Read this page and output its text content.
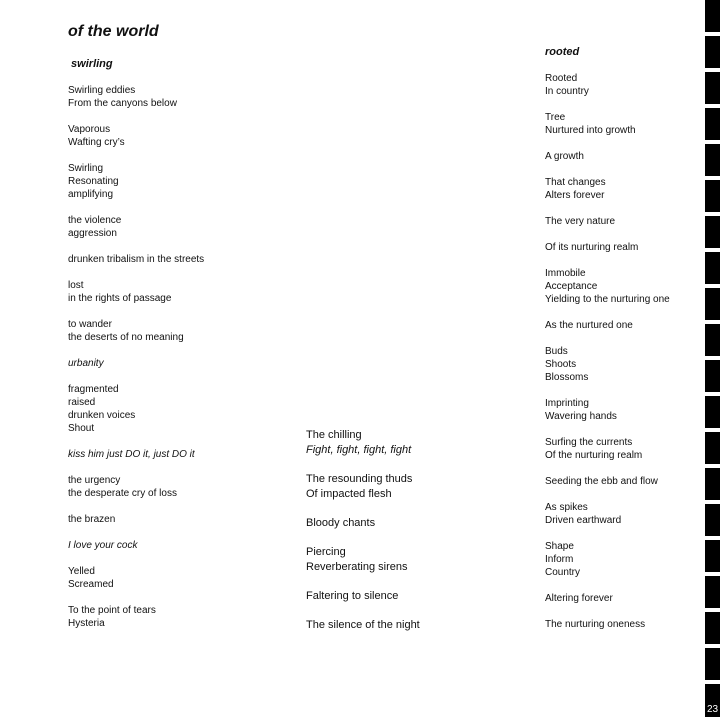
of the world
swirling
Swirling eddies
From the canyons below
Vaporous
Wafting cry’s
Swirling
Resonating
amplifying
the violence
aggression
drunken tribalism in the streets
lost
in the rights of passage
to wander
the deserts of no meaning
urbanity
fragmented
raised
drunken voices
Shout
kiss him just DO it, just DO it
the urgency
the desperate cry of loss
the brazen
I love your cock
Yelled
Screamed
To the point of tears
Hysteria
The chilling
Fight, fight, fight, fight
The resounding thuds
Of impacted flesh
Bloody chants
Piercing
Reverberating sirens
Faltering to silence
The silence of the night
rooted
Rooted
In country
Tree
Nurtured into growth
A growth
That changes
Alters forever
The very nature
Of its nurturing realm
Immobile
Acceptance
Yielding to the nurturing one
As the nurtured one
Buds
Shoots
Blossoms
Imprinting
Wavering hands
Surfing the currents
Of the nurturing realm
Seeding the ebb and flow
As spikes
Driven earthward
Shape
Inform
Country
Altering forever
The nurturing oneness
23
